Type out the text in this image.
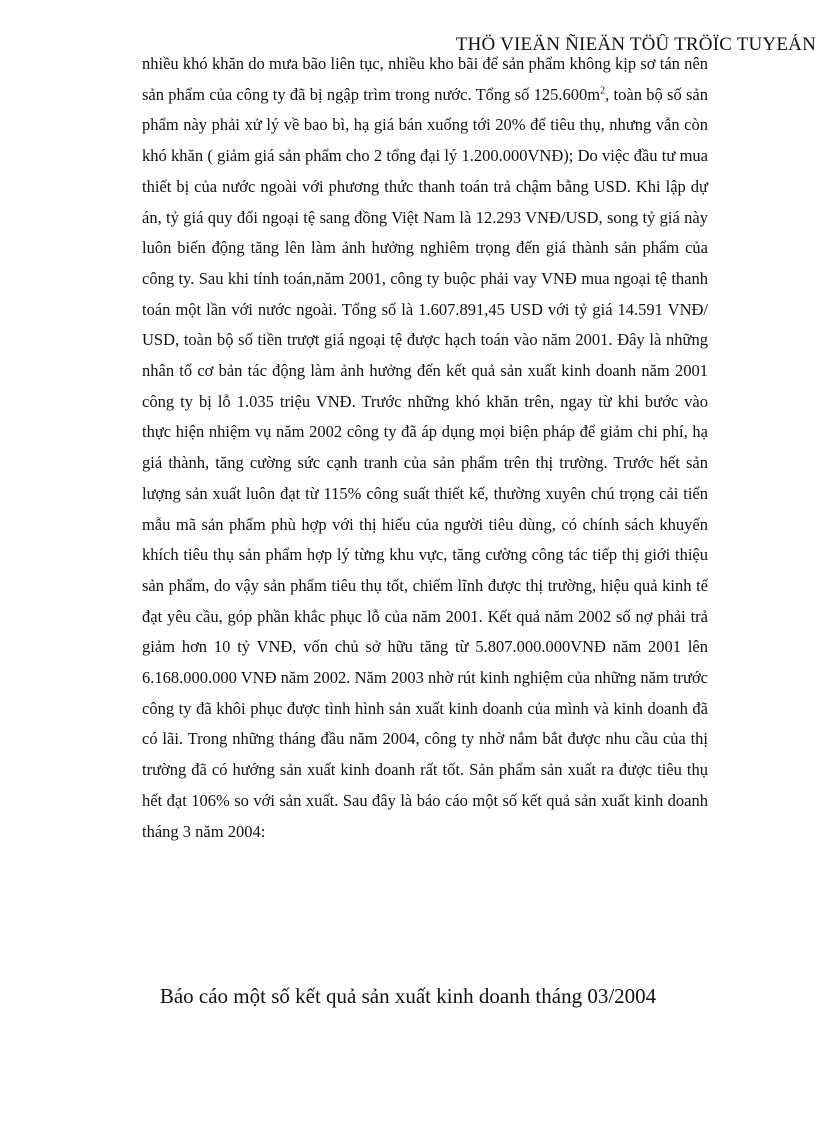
THÖ VIEÄN ÑIEÄN TÖÛ TRÖÏC TUYEÁN

nhiều khó khăn do mưa bão liên tục, nhiều kho bãi để sản phẩm không kịp sơ tán nên sản phẩm của công ty đã bị ngập trìm trong nước. Tổng số $125.600m^2$, toàn bộ số sản phẩm này phải xử lý về bao bì, hạ giá bán xuống tới 20% để tiêu thụ, nhưng vẫn còn khó khăn ( giảm giá sản phẩm cho 2 tổng đại lý 1.200.000VNĐ); Do việc đầu tư mua thiết bị của nước ngoài với phương thức thanh toán trả chậm bằng USD. Khi lập dự án, tỷ giá quy đổi ngoại tệ sang đồng Việt Nam là 12.293 VNĐ/USD, song tỷ giá này luôn biến động tăng lên làm ảnh hưởng nghiêm trọng đến giá thành sản phẩm của công ty. Sau khi tính toán,năm 2001, công ty buộc phải vay VNĐ mua ngoại tệ thanh toán một lần với nước ngoài. Tổng số là 1.607.891,45 USD với tỷ giá 14.591 VNĐ/ USD, toàn bộ số tiền trượt giá ngoại tệ được hạch toán vào năm 2001. Đây là những nhân tố cơ bản tác động làm ảnh hưởng đến kết quả sản xuất kinh doanh năm 2001 công ty bị lỗ 1.035 triệu VNĐ. Trước những khó khăn trên, ngay từ khi bước vào thực hiện nhiệm vụ năm 2002 công ty đã áp dụng mọi biện pháp để giảm chi phí, hạ giá thành, tăng cường sức cạnh tranh của sản phẩm trên thị trường. Trước hết sản lượng sản xuất luôn đạt từ 115% công suất thiết kế, thường xuyên chú trọng cải tiến mẫu mã sản phẩm phù hợp với thị hiếu của người tiêu dùng, có chính sách khuyến khích tiêu thụ sản phẩm hợp lý từng khu vực, tăng cường công tác tiếp thị giới thiệu sản phẩm, do vậy sản phẩm tiêu thụ tốt, chiếm lĩnh được thị trường, hiệu quả kinh tế đạt yêu cầu, góp phần khắc phục lỗ của năm 2001. Kết quả năm 2002 số nợ phải trả giảm hơn 10 tỷ VNĐ, vốn chủ sở hữu tăng từ 5.807.000.000VNĐ năm 2001 lên 6.168.000.000 VNĐ năm 2002. Năm 2003 nhờ rút kinh nghiệm của những năm trước công ty đã khôi phục được tình hình sản xuất kinh doanh của mình và kinh doanh đã có lãi. Trong những tháng đầu năm 2004, công ty nhờ nắm bắt được nhu cầu của thị trường đã có hướng sản xuất kinh doanh rất tốt. Sản phẩm sản xuất ra được tiêu thụ hết đạt 106% so với sản xuất. Sau đây là báo cáo một số kết quả sản xuất kinh doanh tháng 3 năm 2004:

Báo cáo một số kết quả sản xuất kinh doanh tháng 03/2004
